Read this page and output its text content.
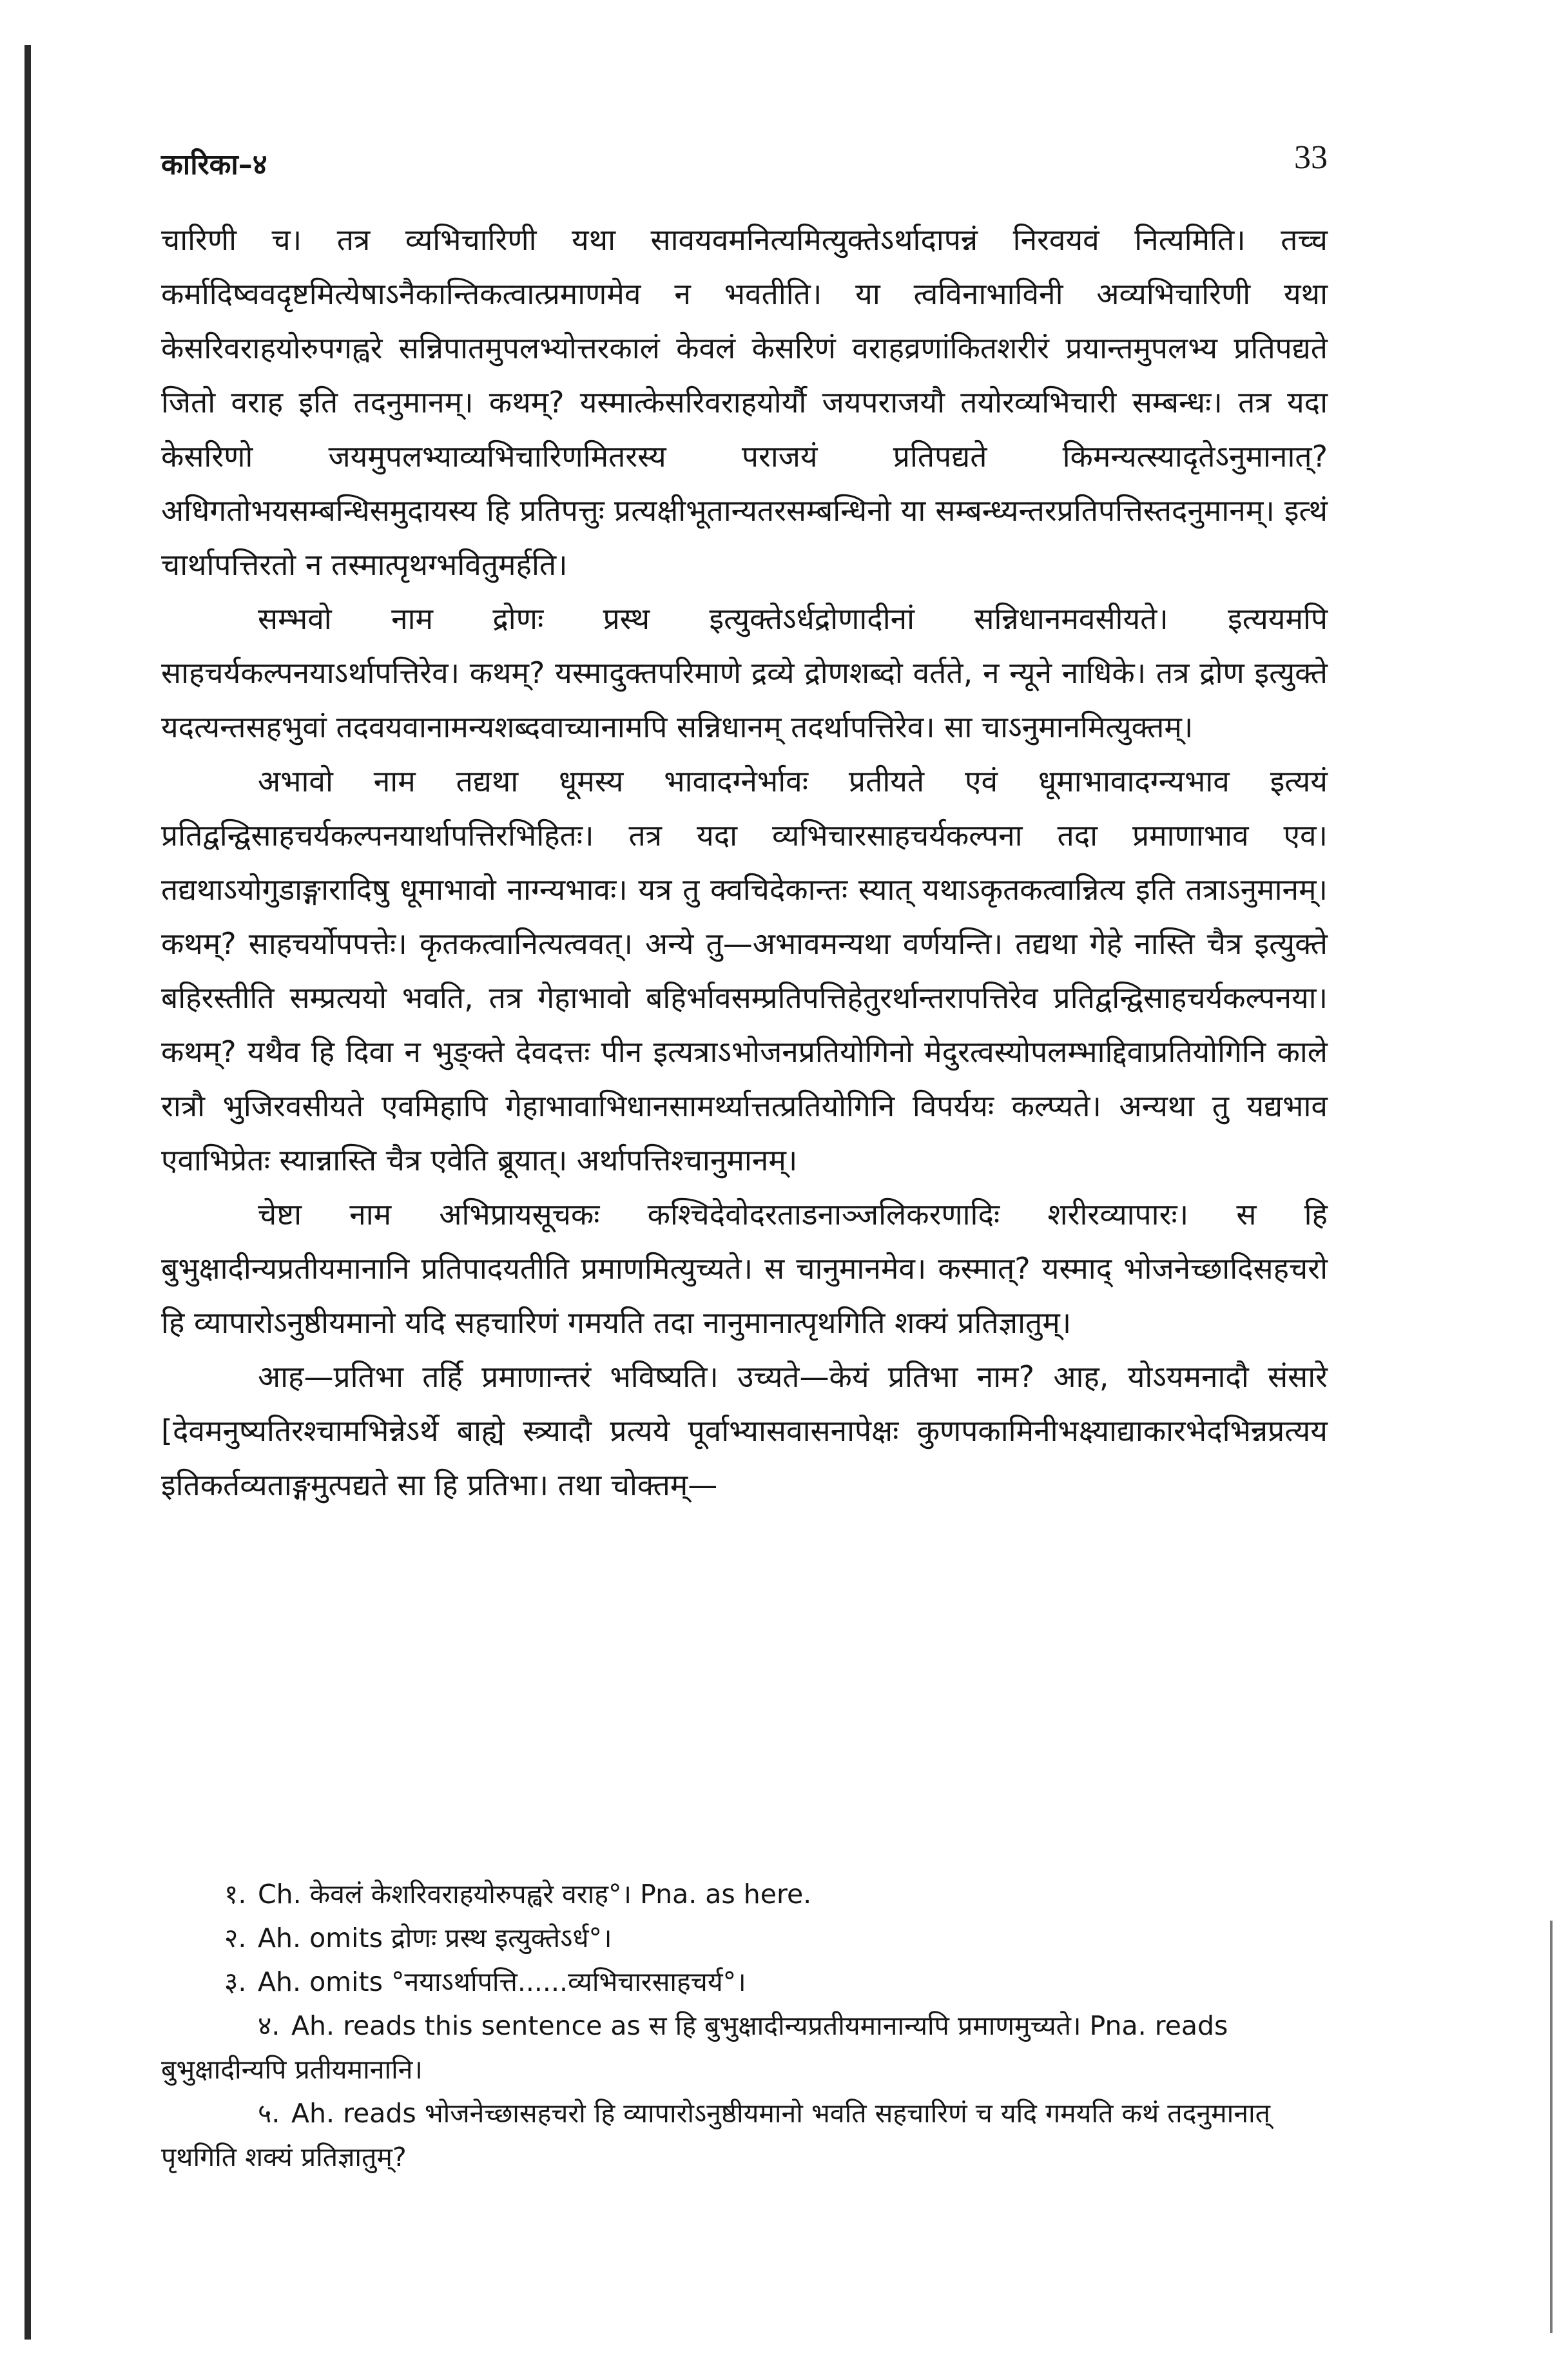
कारिका–४	33

चारिणी च। तत्र व्यभिचारिणी यथा सावयवमनित्यमित्युक्तेऽर्थादापन्नं निरवयवं नित्यमिति। तच्च कर्मादिष्ववदृष्टमित्येषाऽनैकान्तिकत्वात्प्रमाणमेव न भवतीति। या त्वविनाभाविनी अव्यभिचारिणी यथा केसरिवराहयोरुपगह्वरे सन्निपातमुपलभ्योत्तरकालं केवलं केसरिणं वराहव्रणांकितशरीरं प्रयान्तमुपलभ्य प्रतिपद्यते जितो वराह इति तदनुमानम्। कथम्? यस्मात्केसरिवराहयोर्यौ जयपराजयौ तयोरव्यभिचारी सम्बन्धः। तत्र यदा केसरिणो जयमुपलभ्याव्यभिचारिणमितरस्य पराजयं प्रतिपद्यते किमन्यत्स्यादृतेऽनुमानात्? अधिगतोभयसम्बन्धिसमुदायस्य हि प्रतिपत्तुः प्रत्यक्षीभूतान्यतरसम्बन्धिनो या सम्बन्ध्यन्तरप्रतिपत्तिस्तदनुमानम्। इत्थं चार्थापत्तिरतो न तस्मात्पृथग्भवितुमर्हति।

सम्भवो नाम द्रोणः प्रस्थ इत्युक्तेऽर्धद्रोणादीनां सन्निधानमवसीयते। इत्ययमपि साहचर्यकल्पनयाऽर्थापत्तिरेव। कथम्? यस्मादुक्तपरिमाणे द्रव्ये द्रोणशब्दो वर्तते, न न्यूने नाधिके। तत्र द्रोण इत्युक्ते यदत्यन्तसहभुवां तदवयवानामन्यशब्दवाच्यानामपि सन्निधानम् तदर्थापत्तिरेव। सा चाऽनुमानमित्युक्तम्।

अभावो नाम तद्यथा धूमस्य भावादग्नेर्भावः प्रतीयते एवं धूमाभावादग्न्यभाव इत्ययं प्रतिद्वन्द्विसाहचर्यकल्पनयार्थापत्तिरभिहितः। तत्र यदा व्यभिचारसाहचर्यकल्पना तदा प्रमाणाभाव एव। तद्यथाऽयोगुडाङ्गारादिषु धूमाभावो नाग्न्यभावः। यत्र तु क्वचिदेकान्तः स्यात् यथाऽकृतकत्वान्नित्य इति तत्राऽनुमानम्। कथम्? साहचर्योपपत्तेः। कृतकत्वानित्यत्ववत्। अन्ये तु—अभावमन्यथा वर्णयन्ति। तद्यथा गेहे नास्ति चैत्र इत्युक्ते बहिरस्तीति सम्प्रत्ययो भवति, तत्र गेहाभावो बहिर्भावसम्प्रतिपत्तिहेतुरर्थान्तरापत्तिरेव प्रतिद्वन्द्विसाहचर्यकल्पनया। कथम्? यथैव हि दिवा न भुङ्क्ते देवदत्तः पीन इत्यत्राऽभोजनप्रतियोगिनो मेदुरत्वस्योपलम्भाद्दिवाप्रतियोगिनि काले रात्रौ भुजिरवसीयते एवमिहापि गेहाभावाभिधानसामर्थ्यात्तत्प्रतियोगिनि विपर्ययः कल्प्यते। अन्यथा तु यद्यभाव एवाभिप्रेतः स्यान्नास्ति चैत्र एवेति ब्रूयात्। अर्थापत्तिश्चानुमानम्।

चेष्टा नाम अभिप्रायसूचकः कश्चिदेवोदरताडनाञ्जलिकरणादिः शरीरव्यापारः। स हि बुभुक्षादीन्यप्रतीयमानानि प्रतिपादयतीति प्रमाणमित्युच्यते। स चानुमानमेव। कस्मात्? यस्माद् भोजनेच्छादिसहचरो हि व्यापारोऽनुष्ठीयमानो यदि सहचारिणं गमयति तदा नानुमानात्पृथगिति शक्यं प्रतिज्ञातुम्।

आह—प्रतिभा तर्हि प्रमाणान्तरं भविष्यति। उच्यते—केयं प्रतिभा नाम? आह, योऽयमनादौ संसारे [देवमनुष्यतिरश्चामभिन्नेऽर्थे बाह्ये स्त्र्यादौ प्रत्यये पूर्वाभ्यासवासनापेक्षः कुणपकामिनीभक्ष्याद्याकारभेदभिन्नप्रत्यय इतिकर्तव्यताङ्गमुत्पद्यते सा हि प्रतिभा। तथा चोक्तम्—

१. Ch. केवलं केशरिवराहयोरुपह्वरे वराह°। Pna. as here.

२. Ah. omits द्रोणः प्रस्थ इत्युक्तेऽर्ध°।

३. Ah. omits °नयाऽर्थापत्ति......व्यभिचारसाहचर्य°।

४. Ah. reads this sentence as स हि बुभुक्षादीन्यप्रतीयमानान्यपि प्रमाणमुच्यते। Pna. reads बुभुक्षादीन्यपि प्रतीयमानानि।

५. Ah. reads भोजनेच्छासहचरो हि व्यापारोऽनुष्ठीयमानो भवति सहचारिणं च यदि गमयति कथं तदनुमानात् पृथगिति शक्यं प्रतिज्ञातुम्?
